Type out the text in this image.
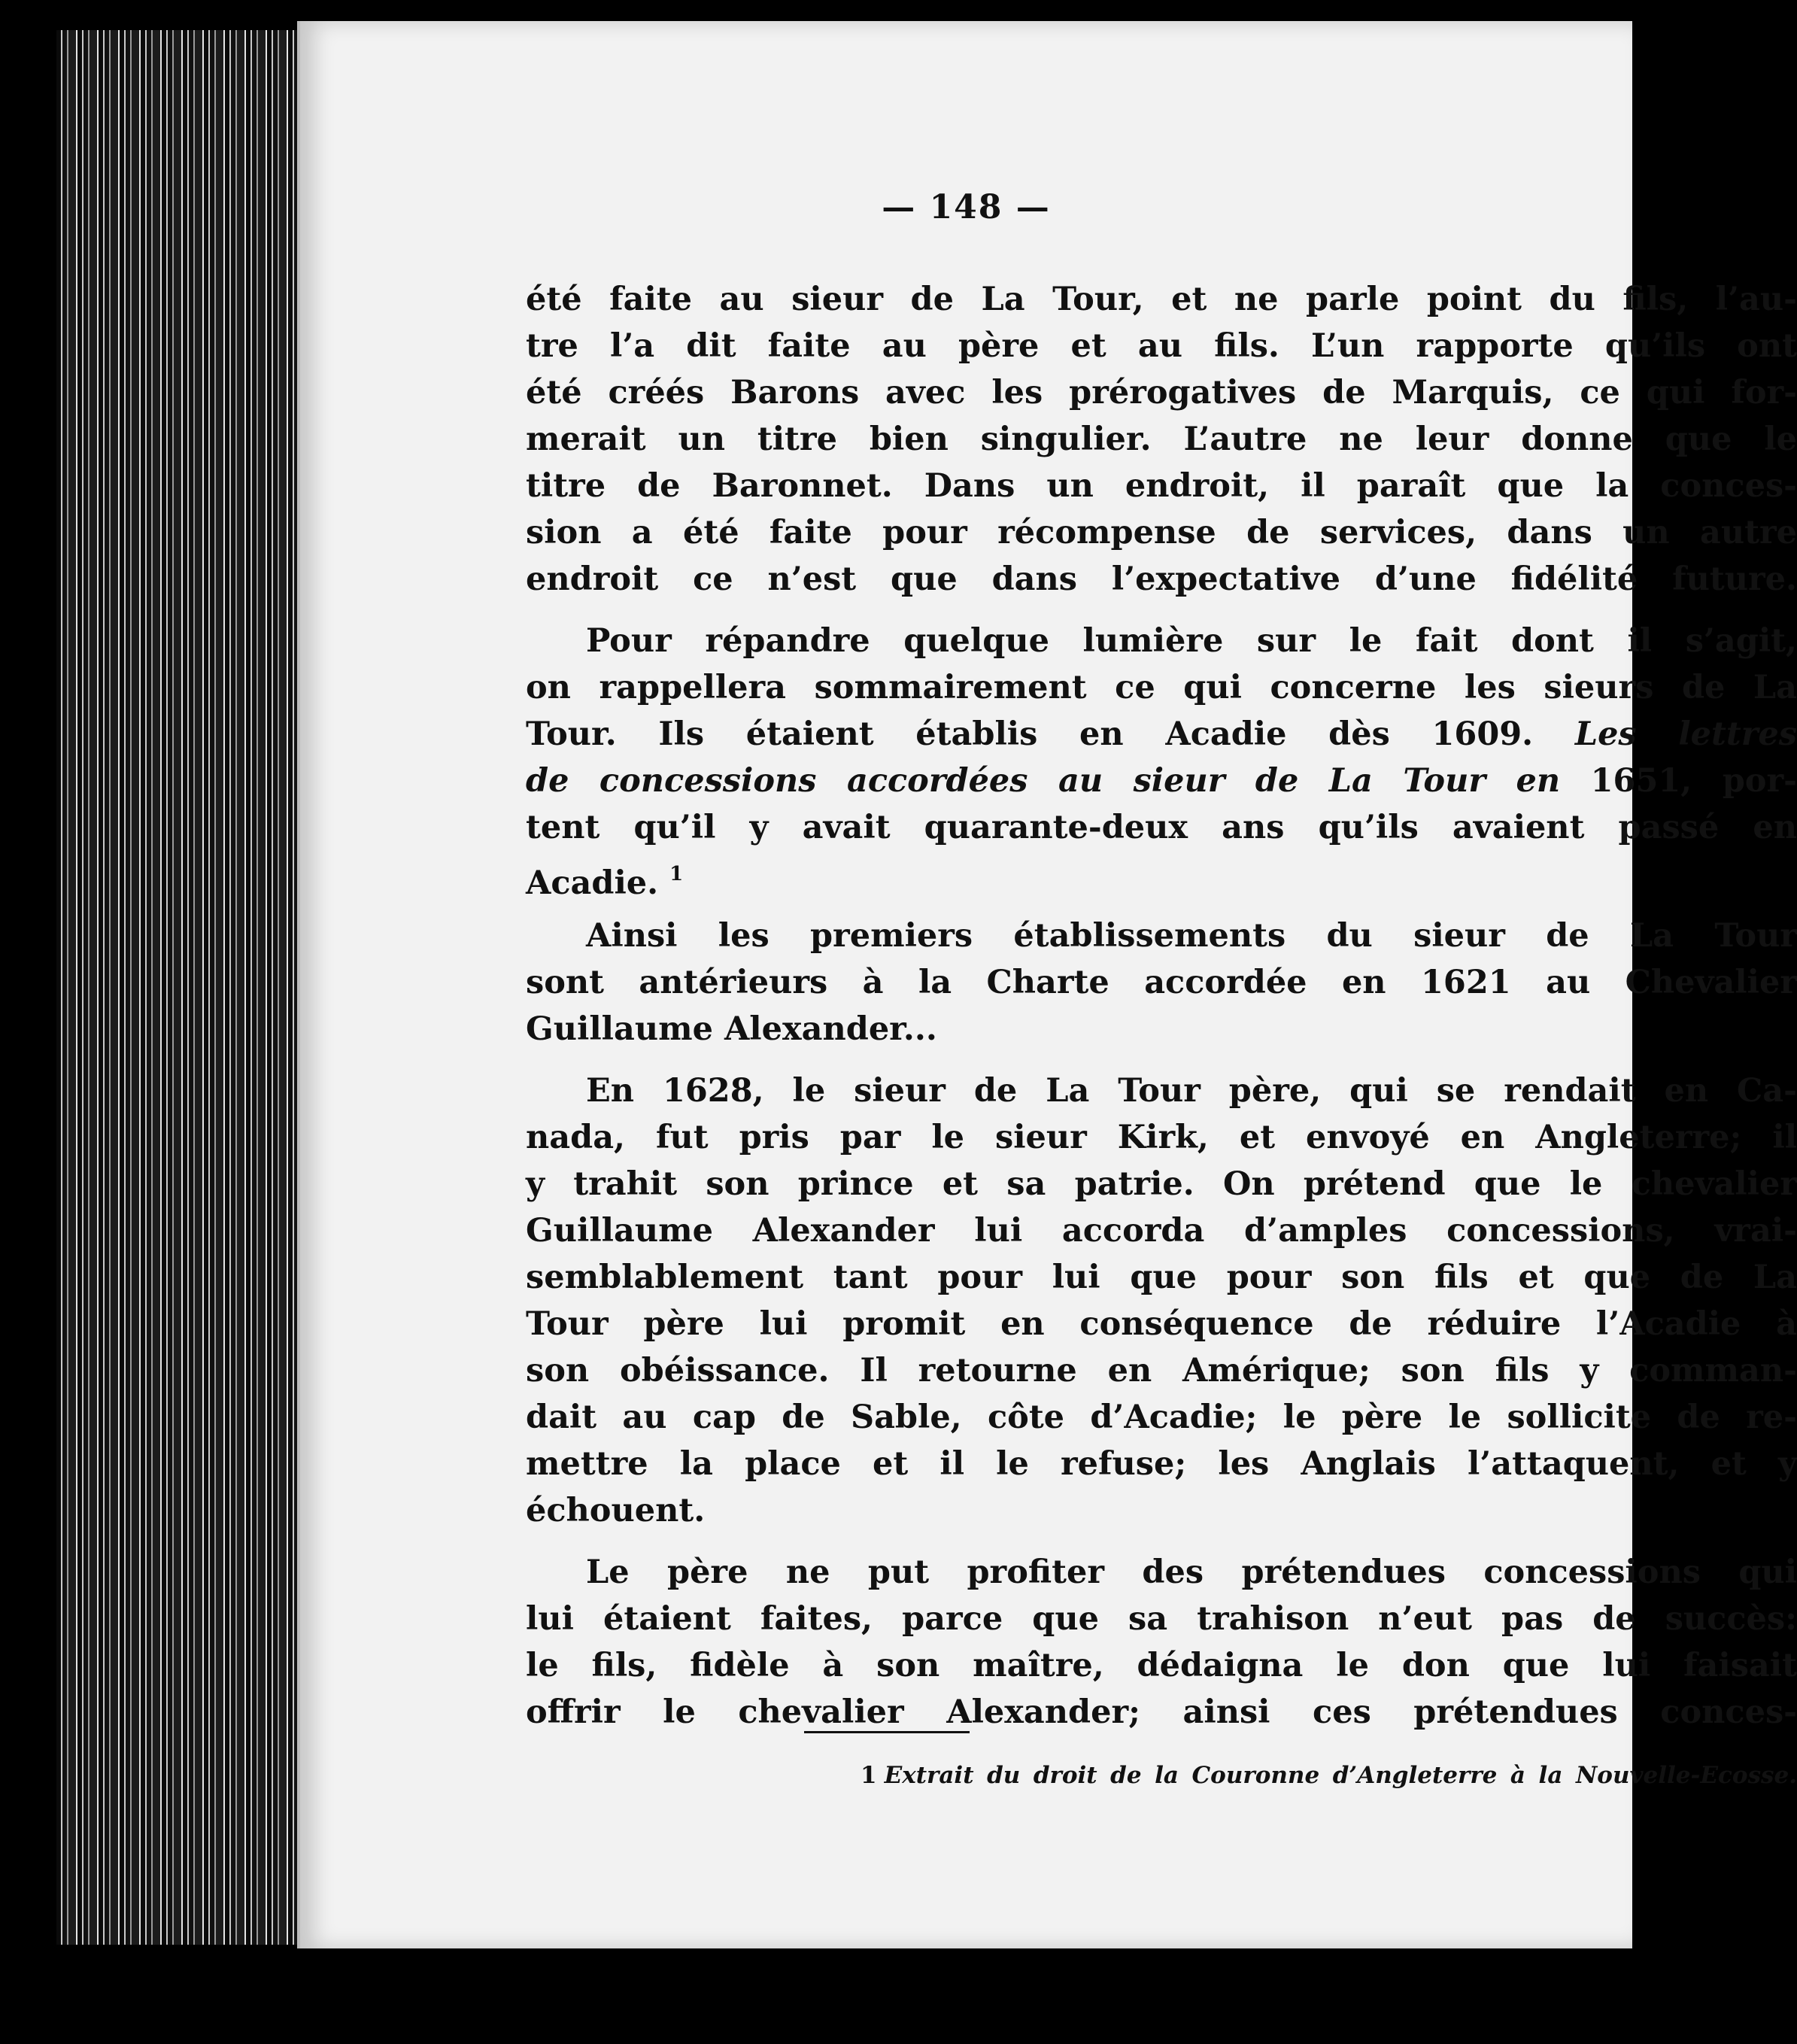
— 148 —
été faite au sieur de La Tour, et ne parle point du fils, l’au-
tre l’a dit faite au père et au fils. L’un rapporte qu’ils ont
été créés Barons avec les prérogatives de Marquis, ce qui for-
merait un titre bien singulier. L’autre ne leur donne que le
titre de Baronnet. Dans un endroit, il paraît que la conces-
sion a été faite pour récompense de services, dans un autre
endroit ce n’est que dans l’expectative d’une fidélité future.
Pour répandre quelque lumière sur le fait dont il s’agit,
on rappellera sommairement ce qui concerne les sieurs de La
Tour. Ils étaient établis en Acadie dès 1609. Les lettres
de concessions accordées au sieur de La Tour en 1651, por-
tent qu’il y avait quarante-deux ans qu’ils avaient passé en
Acadie. $^1$
Ainsi les premiers établissements du sieur de La Tour
sont antérieurs à la Charte accordée en 1621 au Chevalier
Guillaume Alexander...
En 1628, le sieur de La Tour père, qui se rendait en Ca-
nada, fut pris par le sieur Kirk, et envoyé en Angleterre; il
y trahit son prince et sa patrie. On prétend que le chevalier
Guillaume Alexander lui accorda d’amples concessions, vrai-
semblablement tant pour lui que pour son fils et que de La
Tour père lui promit en conséquence de réduire l’Acadie à
son obéissance. Il retourne en Amérique; son fils y comman-
dait au cap de Sable, côte d’Acadie; le père le sollicite de re-
mettre la place et il le refuse; les Anglais l’attaquent, et y
échouent.
Le père ne put profiter des prétendues concessions qui
lui étaient faites, parce que sa trahison n’eut pas de succès:
le fils, fidèle à son maître, dédaigna le don que lui faisait
offrir le chevalier Alexander; ainsi ces prétendues conces-
1 Extrait du droit de la Couronne d’Angleterre à la Nouvelle-Ecosse.
